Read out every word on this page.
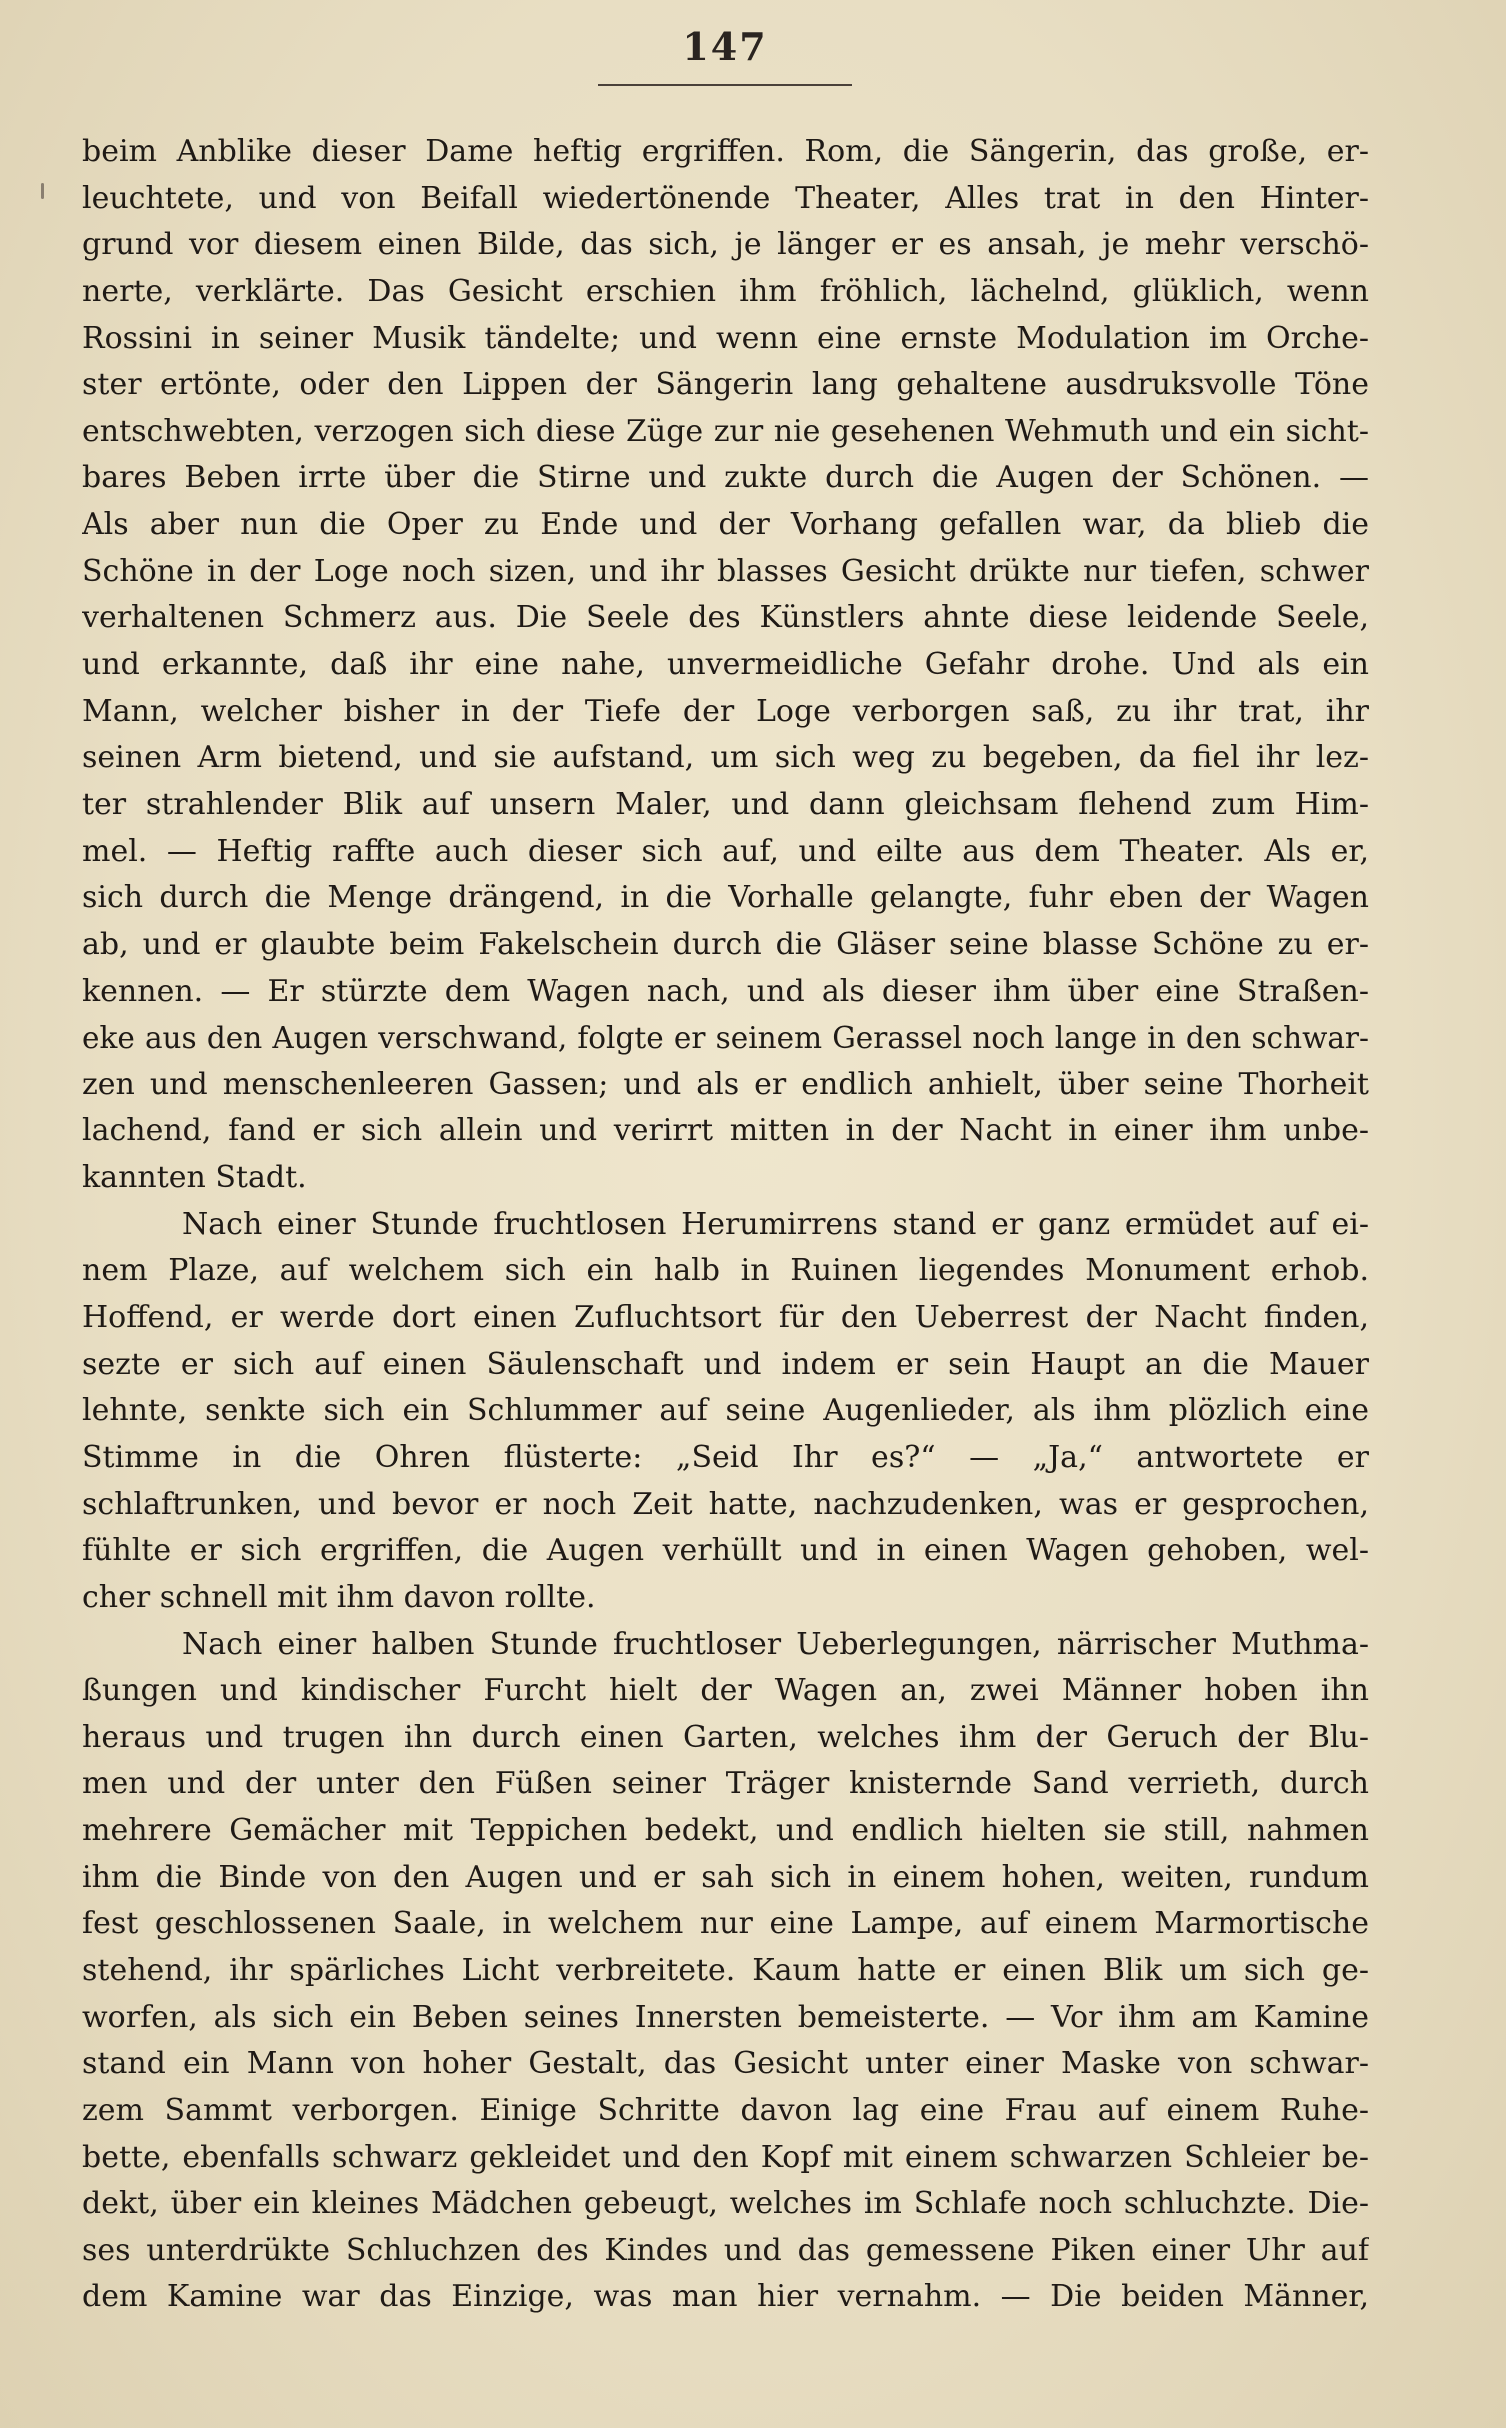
147
beim Anblike dieser Dame heftig ergriffen. Rom, die Sängerin, das große, er-
leuchtete, und von Beifall wiedertönende Theater, Alles trat in den Hinter-
grund vor diesem einen Bilde, das sich, je länger er es ansah, je mehr verschö-
nerte, verklärte. Das Gesicht erschien ihm fröhlich, lächelnd, glüklich, wenn
Rossini in seiner Musik tändelte; und wenn eine ernste Modulation im Orche-
ster ertönte, oder den Lippen der Sängerin lang gehaltene ausdruksvolle Töne
entschwebten, verzogen sich diese Züge zur nie gesehenen Wehmuth und ein sicht-
bares Beben irrte über die Stirne und zukte durch die Augen der Schönen. —
Als aber nun die Oper zu Ende und der Vorhang gefallen war, da blieb die
Schöne in der Loge noch sizen, und ihr blasses Gesicht drükte nur tiefen, schwer
verhaltenen Schmerz aus. Die Seele des Künstlers ahnte diese leidende Seele,
und erkannte, daß ihr eine nahe, unvermeidliche Gefahr drohe. Und als ein
Mann, welcher bisher in der Tiefe der Loge verborgen saß, zu ihr trat, ihr
seinen Arm bietend, und sie aufstand, um sich weg zu begeben, da fiel ihr lez-
ter strahlender Blik auf unsern Maler, und dann gleichsam flehend zum Him-
mel. — Heftig raffte auch dieser sich auf, und eilte aus dem Theater. Als er,
sich durch die Menge drängend, in die Vorhalle gelangte, fuhr eben der Wagen
ab, und er glaubte beim Fakelschein durch die Gläser seine blasse Schöne zu er-
kennen. — Er stürzte dem Wagen nach, und als dieser ihm über eine Straßen-
eke aus den Augen verschwand, folgte er seinem Gerassel noch lange in den schwar-
zen und menschenleeren Gassen; und als er endlich anhielt, über seine Thorheit
lachend, fand er sich allein und verirrt mitten in der Nacht in einer ihm unbe-
kannten Stadt.
Nach einer Stunde fruchtlosen Herumirrens stand er ganz ermüdet auf ei-
nem Plaze, auf welchem sich ein halb in Ruinen liegendes Monument erhob.
Hoffend, er werde dort einen Zufluchtsort für den Ueberrest der Nacht finden,
sezte er sich auf einen Säulenschaft und indem er sein Haupt an die Mauer
lehnte, senkte sich ein Schlummer auf seine Augenlieder, als ihm plözlich eine
Stimme in die Ohren flüsterte: „Seid Ihr es?“ — „Ja,“ antwortete er
schlaftrunken, und bevor er noch Zeit hatte, nachzudenken, was er gesprochen,
fühlte er sich ergriffen, die Augen verhüllt und in einen Wagen gehoben, wel-
cher schnell mit ihm davon rollte.
Nach einer halben Stunde fruchtloser Ueberlegungen, närrischer Muthma-
ßungen und kindischer Furcht hielt der Wagen an, zwei Männer hoben ihn
heraus und trugen ihn durch einen Garten, welches ihm der Geruch der Blu-
men und der unter den Füßen seiner Träger knisternde Sand verrieth, durch
mehrere Gemächer mit Teppichen bedekt, und endlich hielten sie still, nahmen
ihm die Binde von den Augen und er sah sich in einem hohen, weiten, rundum
fest geschlossenen Saale, in welchem nur eine Lampe, auf einem Marmortische
stehend, ihr spärliches Licht verbreitete. Kaum hatte er einen Blik um sich ge-
worfen, als sich ein Beben seines Innersten bemeisterte. — Vor ihm am Kamine
stand ein Mann von hoher Gestalt, das Gesicht unter einer Maske von schwar-
zem Sammt verborgen. Einige Schritte davon lag eine Frau auf einem Ruhe-
bette, ebenfalls schwarz gekleidet und den Kopf mit einem schwarzen Schleier be-
dekt, über ein kleines Mädchen gebeugt, welches im Schlafe noch schluchzte. Die-
ses unterdrükte Schluchzen des Kindes und das gemessene Piken einer Uhr auf
dem Kamine war das Einzige, was man hier vernahm. — Die beiden Männer,
